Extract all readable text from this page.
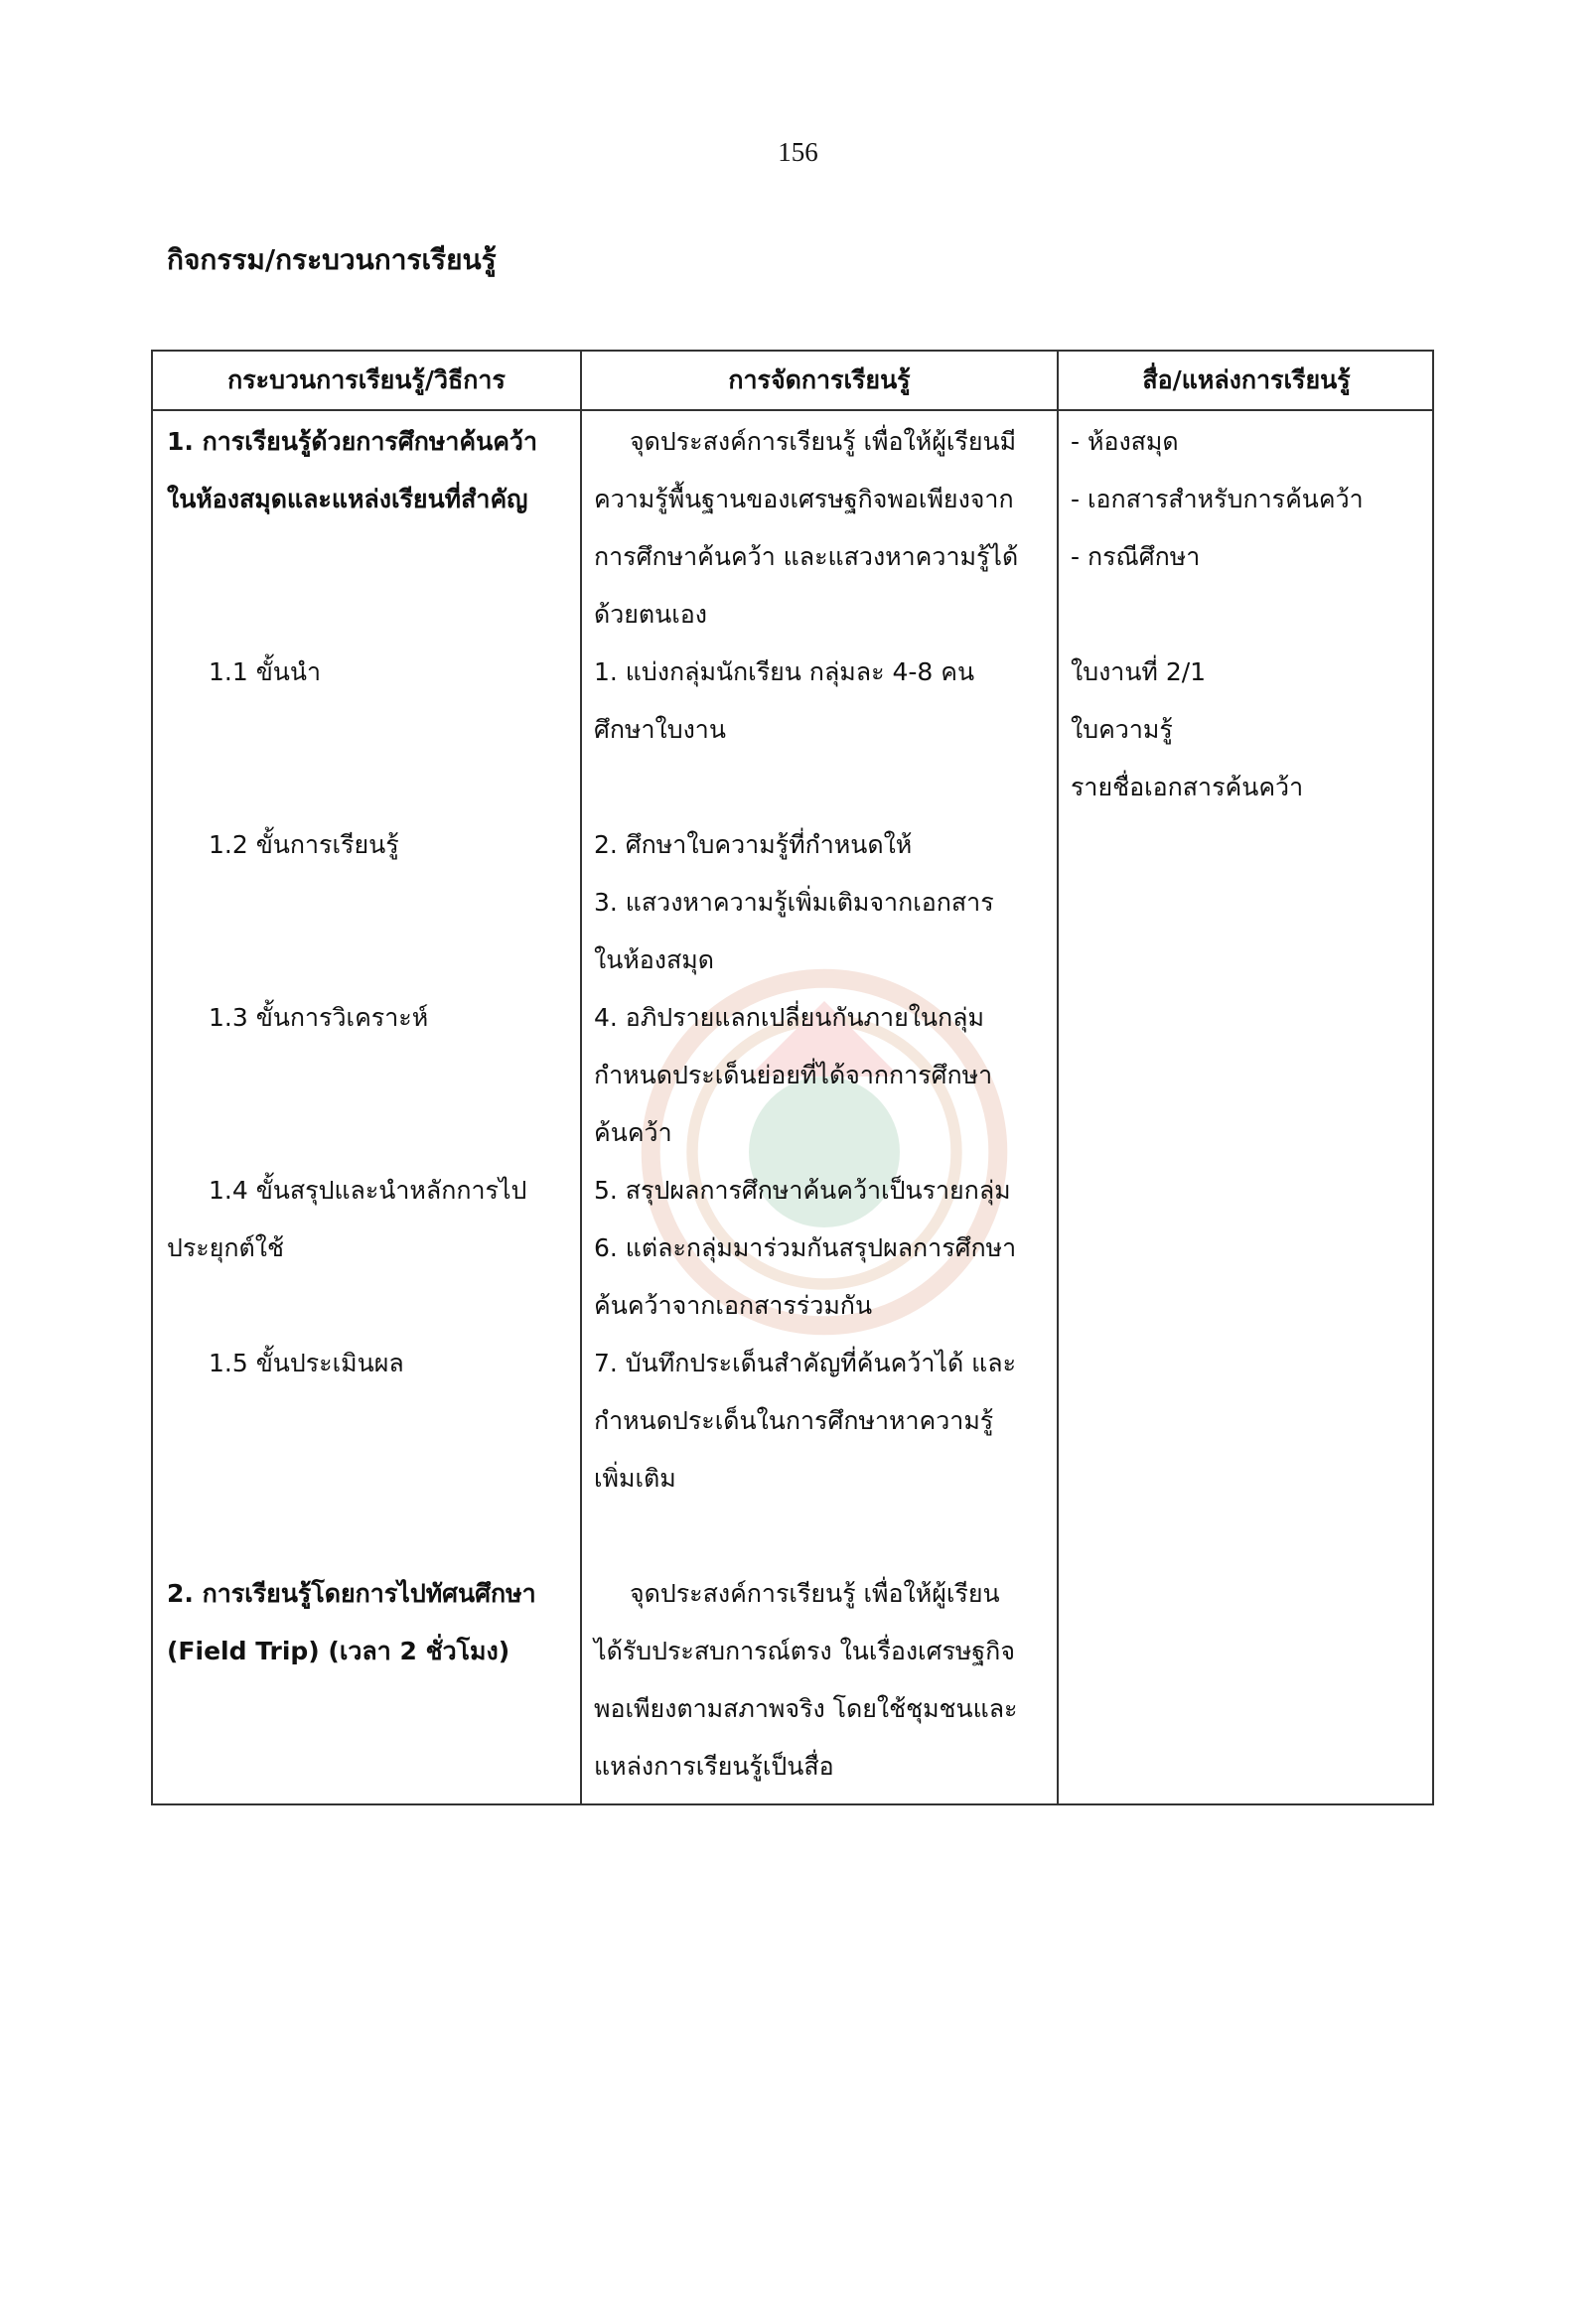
156
กิจกรรม/กระบวนการเรียนรู้
กระบวนการเรียนรู้/วิธีการ	การจัดการเรียนรู้	สื่อ/แหล่งการเรียนรู้
1. การเรียนรู้ด้วยการศึกษาค้นคว้า
ในห้องสมุดและแหล่งเรียนที่สำคัญ
1.1 ขั้นนำ
1.2 ขั้นการเรียนรู้
1.3 ขั้นการวิเคราะห์
1.4 ขั้นสรุปและนำหลักการไป
ประยุกต์ใช้
1.5 ขั้นประเมินผล
2. การเรียนรู้โดยการไปทัศนศึกษา
(Field Trip) (เวลา 2 ชั่วโมง)
จุดประสงค์การเรียนรู้ เพื่อให้ผู้เรียนมี
ความรู้พื้นฐานของเศรษฐกิจพอเพียงจาก
การศึกษาค้นคว้า และแสวงหาความรู้ได้
ด้วยตนเอง
1. แบ่งกลุ่มนักเรียน กลุ่มละ 4-8 คน
ศึกษาใบงาน
2. ศึกษาใบความรู้ที่กำหนดให้
3. แสวงหาความรู้เพิ่มเติมจากเอกสาร
ในห้องสมุด
4. อภิปรายแลกเปลี่ยนกันภายในกลุ่ม
กำหนดประเด็นย่อยที่ได้จากการศึกษา
ค้นคว้า
5. สรุปผลการศึกษาค้นคว้าเป็นรายกลุ่ม
6. แต่ละกลุ่มมาร่วมกันสรุปผลการศึกษา
ค้นคว้าจากเอกสารร่วมกัน
7. บันทึกประเด็นสำคัญที่ค้นคว้าได้ และ
กำหนดประเด็นในการศึกษาหาความรู้
เพิ่มเติม
จุดประสงค์การเรียนรู้ เพื่อให้ผู้เรียน
ได้รับประสบการณ์ตรง ในเรื่องเศรษฐกิจ
พอเพียงตามสภาพจริง โดยใช้ชุมชนและ
แหล่งการเรียนรู้เป็นสื่อ
- ห้องสมุด
- เอกสารสำหรับการค้นคว้า
- กรณีศึกษา
ใบงานที่ 2/1
ใบความรู้
รายชื่อเอกสารค้นคว้า
